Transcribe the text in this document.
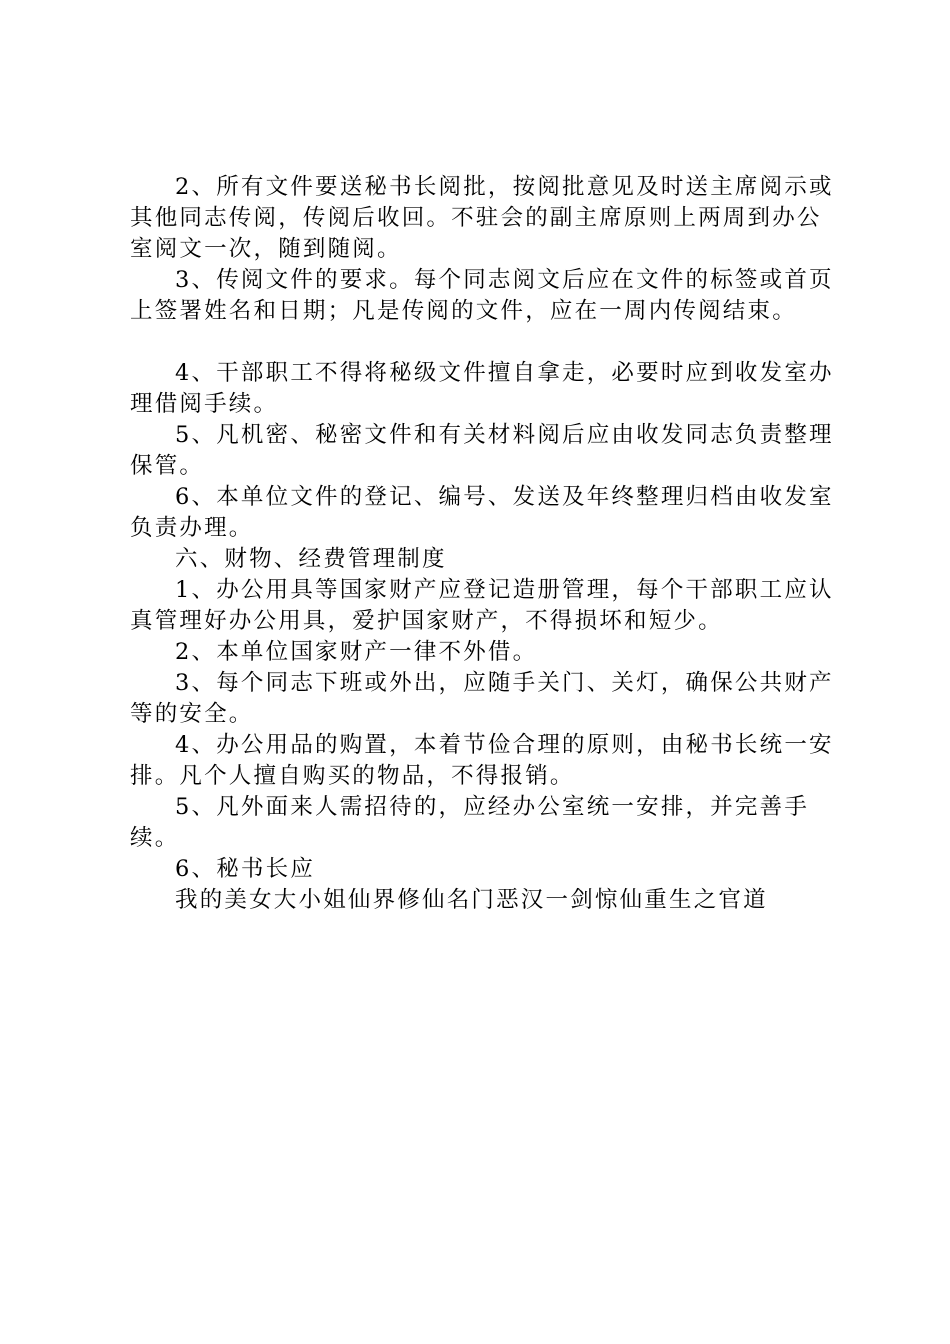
2、所有文件要送秘书长阅批，按阅批意见及时送主席阅示或其他同志传阅，传阅后收回。不驻会的副主席原则上两周到办公室阅文一次，随到随阅。

3、传阅文件的要求。每个同志阅文后应在文件的标签或首页上签署姓名和日期；凡是传阅的文件，应在一周内传阅结束。

4、干部职工不得将秘级文件擅自拿走，必要时应到收发室办理借阅手续。

5、凡机密、秘密文件和有关材料阅后应由收发同志负责整理保管。

6、本单位文件的登记、编号、发送及年终整理归档由收发室负责办理。

六、财物、经费管理制度

1、办公用具等国家财产应登记造册管理，每个干部职工应认真管理好办公用具，爱护国家财产，不得损坏和短少。

2、本单位国家财产一律不外借。

3、每个同志下班或外出，应随手关门、关灯，确保公共财产等的安全。

4、办公用品的购置，本着节俭合理的原则，由秘书长统一安排。凡个人擅自购买的物品，不得报销。

5、凡外面来人需招待的，应经办公室统一安排，并完善手续。

6、秘书长应

我的美女大小姐仙界修仙名门恶汉一剑惊仙重生之官道
